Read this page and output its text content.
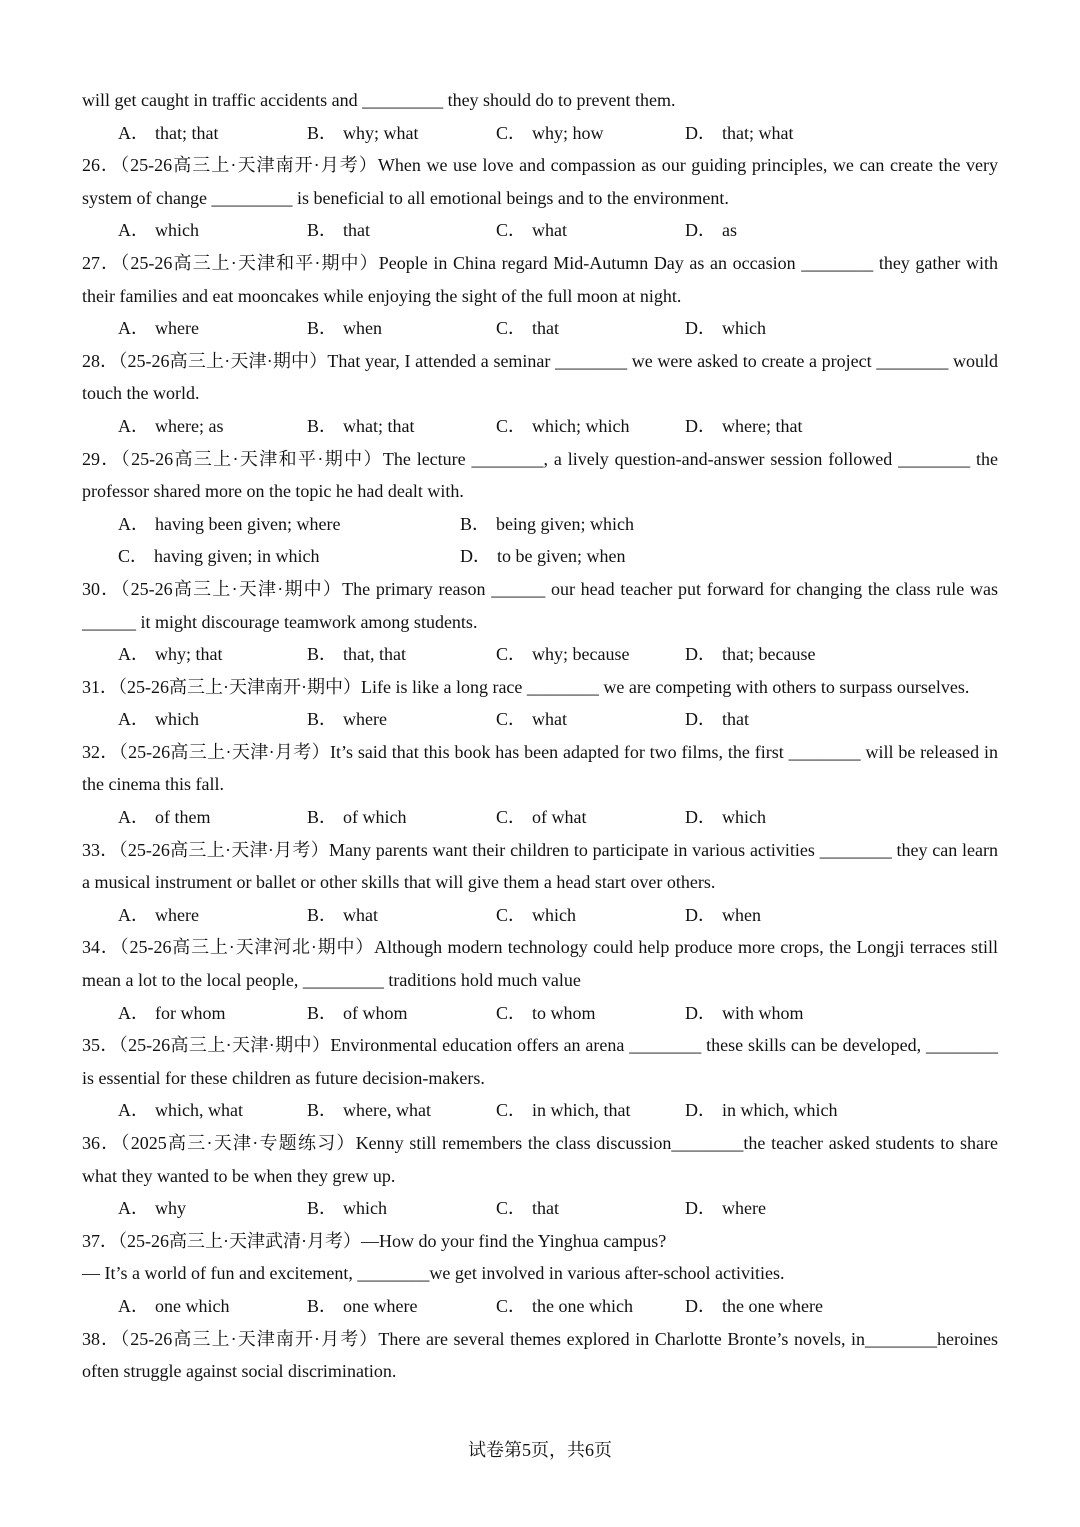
will get caught in traffic accidents and _________ they should do to prevent them.

A． that; that	B． why; what	C． why; how	D． that; what

26．（25-26高三上·天津南开·月考）When we use love and compassion as our guiding principles, we can create the very system of change _________ is beneficial to all emotional beings and to the environment.

A． which	B． that	C． what	D． as

27．（25-26高三上·天津和平·期中）People in China regard Mid-Autumn Day as an occasion ________ they gather with their families and eat mooncakes while enjoying the sight of the full moon at night.

A． where	B． when	C． that	D． which

28．（25-26高三上·天津·期中）That year, I attended a seminar ________ we were asked to create a project ________ would touch the world.

A． where; as	B． what; that	C． which; which	D． where; that

29．（25-26高三上·天津和平·期中）The lecture ________, a lively question-and-answer session followed ________ the professor shared more on the topic he had dealt with.

A． having been given; where	B． being given; which
C． having given; in which	D． to be given; when

30．（25-26高三上·天津·期中）The primary reason ______ our head teacher put forward for changing the class rule was ______ it might discourage teamwork among students.

A． why; that	B． that, that	C． why; because	D． that; because

31．（25-26高三上·天津南开·期中）Life is like a long race ________ we are competing with others to surpass ourselves.

A． which	B． where	C． what	D． that

32．（25-26高三上·天津·月考）It’s said that this book has been adapted for two films, the first ________ will be released in the cinema this fall.

A． of them	B． of which	C． of what	D． which

33．（25-26高三上·天津·月考）Many parents want their children to participate in various activities ________ they can learn a musical instrument or ballet or other skills that will give them a head start over others.

A． where	B． what	C． which	D． when

34．（25-26高三上·天津河北·期中）Although modern technology could help produce more crops, the Longji terraces still mean a lot to the local people, _________ traditions hold much value

A． for whom	B． of whom	C． to whom	D． with whom

35．（25-26高三上·天津·期中）Environmental education offers an arena ________ these skills can be developed, ________ is essential for these children as future decision-makers.

A． which, what	B． where, what	C． in which, that	D． in which, which

36．（2025高三·天津·专题练习）Kenny still remembers the class discussion________the teacher asked students to share what they wanted to be when they grew up.

A． why	B． which	C． that	D． where

37．（25-26高三上·天津武清·月考）—How do your find the Yinghua campus?

— It’s a world of fun and excitement, ________we get involved in various after-school activities.

A． one which	B． one where	C． the one which	D． the one where

38．（25-26高三上·天津南开·月考）There are several themes explored in Charlotte Bronte’s novels, in________heroines often struggle against social discrimination.

试卷第5页，共6页
